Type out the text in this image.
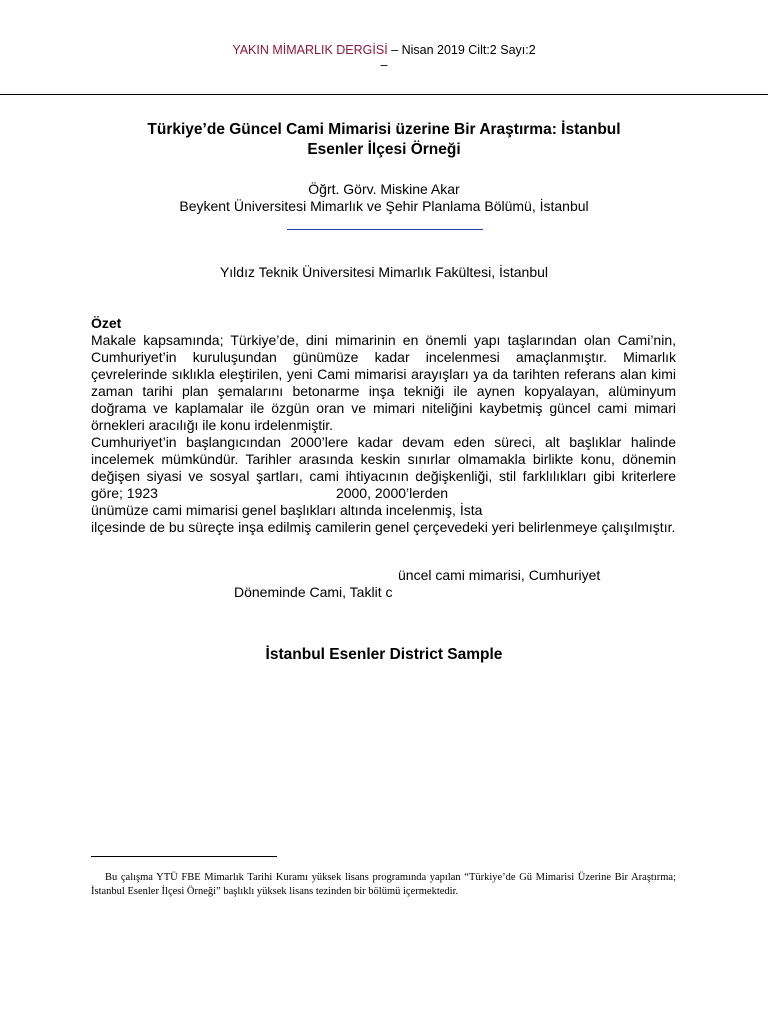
YAKIN MİMARLIK DERGİSİ – Nisan 2019 Cilt:2 Sayı:2
–
Türkiye’de Güncel Cami Mimarisi üzerine Bir Araştırma: İstanbul
Esenler İlçesi Örneği
Öğrt. Görv. Miskine Akar
Beykent Üniversitesi Mimarlık ve Şehir Planlama Bölümü, İstanbul
Yıldız Teknik Üniversitesi Mimarlık Fakültesi, İstanbul
Özet

Makale kapsamında; Türkiye’de, dini mimarinin en önemli yapı taşlarından olan Cami’nin, Cumhuriyet’in kuruluşundan günümüze kadar incelenmesi amaçlanmıştır. Mimarlık çevrelerinde sıklıkla eleştirilen, yeni Cami mimarisi arayışları ya da tarihten referans alan kimi zaman tarihi plan şemalarını betonarme inşa tekniği ile aynen kopyalayan, alüminyum doğrama ve kaplamalar ile özgün oran ve mimari niteliğini kaybetmiş güncel cami mimari örnekleri aracılığı ile konu irdelenmiştir.

Cumhuriyet’in başlangıcından 2000’lere kadar devam eden süreci, alt başlıklar halinde incelemek mümkündür. Tarihler arasında keskin sınırlar olmamakla birlikte konu, dönemin değişen siyasi ve sosyal şartları, cami ihtiyacının değişkenliği, stil farklılıkları gibi kriterlere göre; 1923	2000, 2000’lerden
ünümüze cami mimarisi genel başlıkları altında incelenmiş, İsta
ilçesinde de bu süreçte inşa edilmiş camilerin genel çerçevedeki yeri belirlenmeye çalışılmıştır.

üncel cami mimarisi, Cumhuriyet
Döneminde Cami, Taklit c
İstanbul Esenler District Sample
Bu çalışma YTÜ FBE Mimarlık Tarihi Kuramı yüksek lisans programında yapılan “Türkiye’de Gü Mimarisi Üzerine Bir Araştırma; İstanbul Esenler İlçesi Örneği” başlıklı yüksek lisans tezinden bir bölümü içermektedir.
